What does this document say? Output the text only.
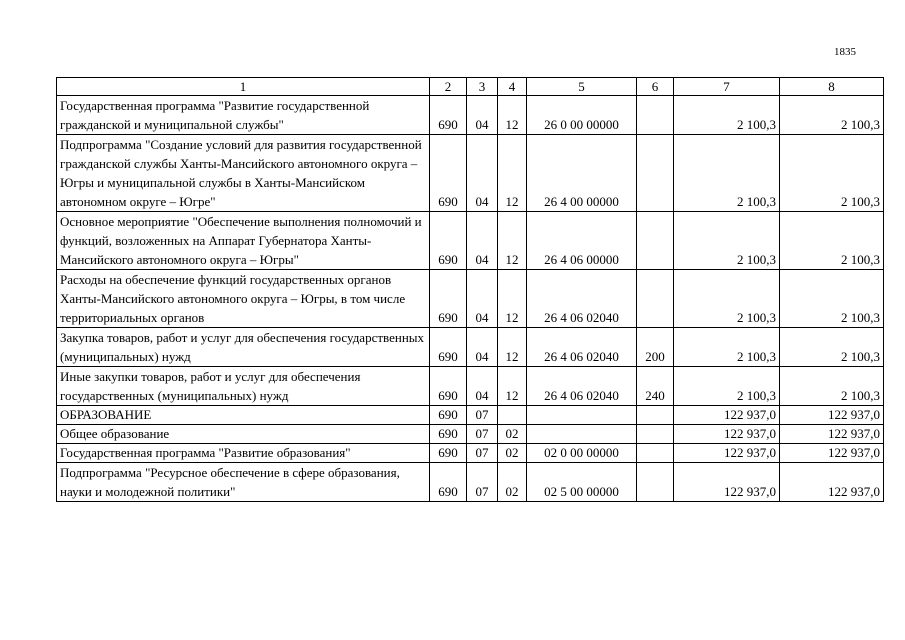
1835
1	2	3	4	5	6	7	8
Государственная программа "Развитие государственной гражданской и муниципальной службы"	690	04	12	26 0 00 00000		2 100,3	2 100,3
Подпрограмма "Создание условий для развития государственной гражданской службы Ханты-Мансийского автономного округа – Югры и муниципальной службы в Ханты-Мансийском автономном округе – Югре"	690	04	12	26 4 00 00000		2 100,3	2 100,3
Основное мероприятие "Обеспечение выполнения полномочий и функций, возложенных на Аппарат Губернатора Ханты-Мансийского автономного округа – Югры"	690	04	12	26 4 06 00000		2 100,3	2 100,3
Расходы на обеспечение функций государственных органов Ханты-Мансийского автономного округа – Югры, в том числе территориальных органов	690	04	12	26 4 06 02040		2 100,3	2 100,3
Закупка товаров, работ и услуг для обеспечения государственных (муниципальных) нужд	690	04	12	26 4 06 02040	200	2 100,3	2 100,3
Иные закупки товаров, работ и услуг для обеспечения государственных (муниципальных) нужд	690	04	12	26 4 06 02040	240	2 100,3	2 100,3
ОБРАЗОВАНИЕ	690	07				122 937,0	122 937,0
Общее образование	690	07	02			122 937,0	122 937,0
Государственная программа "Развитие образования"	690	07	02	02 0 00 00000		122 937,0	122 937,0
Подпрограмма "Ресурсное обеспечение в сфере образования, науки и молодежной политики"	690	07	02	02 5 00 00000		122 937,0	122 937,0
